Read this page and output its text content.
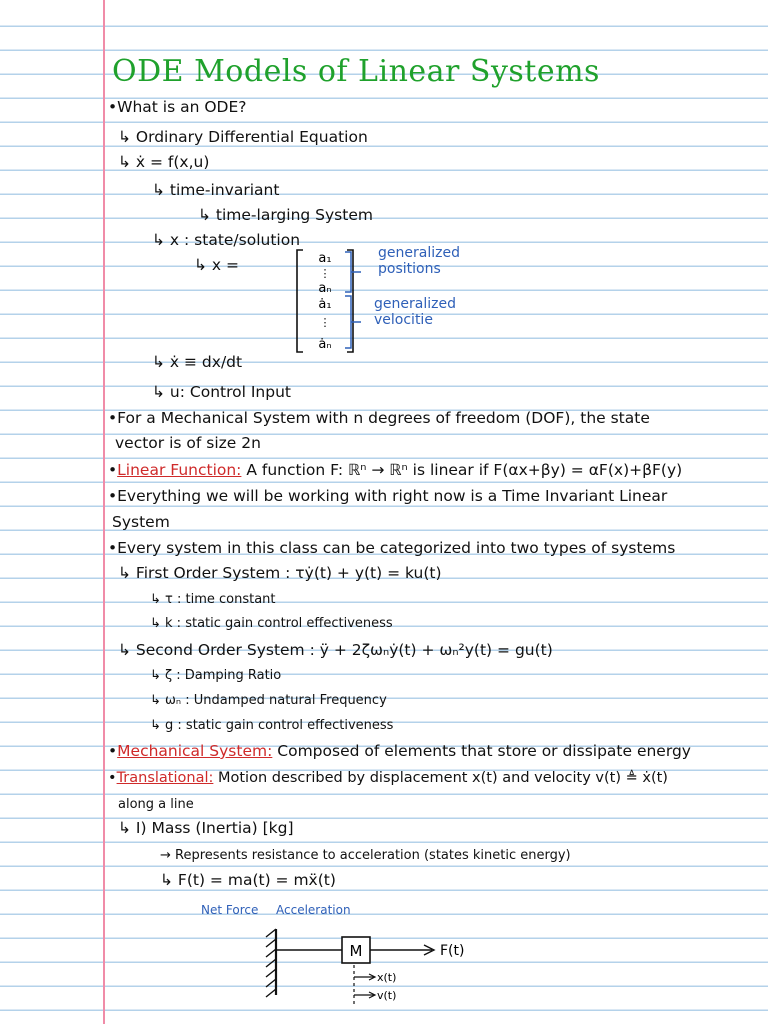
ODE Models of Linear Systems
•What is an ODE?
↳ Ordinary Differential Equation
↳ ẋ = f(x,u)
↳ time-invariant
↳ time-larging System
↳ x : state/solution
↳ x =	a₁
⋮
aₙ
ȧ₁
⋮
ȧₙ
generalized positions
generalized velocitie
↳ ẋ ≡ dx/dt
↳ u: Control Input
•For a Mechanical System with n degrees of freedom (DOF), the state
vector is of size 2n
•Linear Function: A function F: ℝⁿ → ℝⁿ is linear if F(αx+βy) = αF(x)+βF(y)
•Everything we will be working with right now is a Time Invariant Linear
System
•Every system in this class can be categorized into two types of systems
↳ First Order System : τẏ(t) + y(t) = ku(t)
↳ τ : time constant
↳ k : static gain control effectiveness
↳ Second Order System : ÿ + 2ζωₙẏ(t) + ωₙ²y(t) = gu(t)
↳ ζ : Damping Ratio
↳ ωₙ : Undamped natural Frequency
↳ g : static gain control effectiveness
•Mechanical System: Composed of elements that store or dissipate energy
•Translational: Motion described by displacement x(t) and velocity v(t) ≜ ẋ(t)
along a line
↳ I) Mass (Inertia) [kg]
→ Represents resistance to acceleration (states kinetic energy)
↳ F(t) = ma(t) = mẍ(t)
Net Force Acceleration
M	F(t)
x(t)
v(t)
